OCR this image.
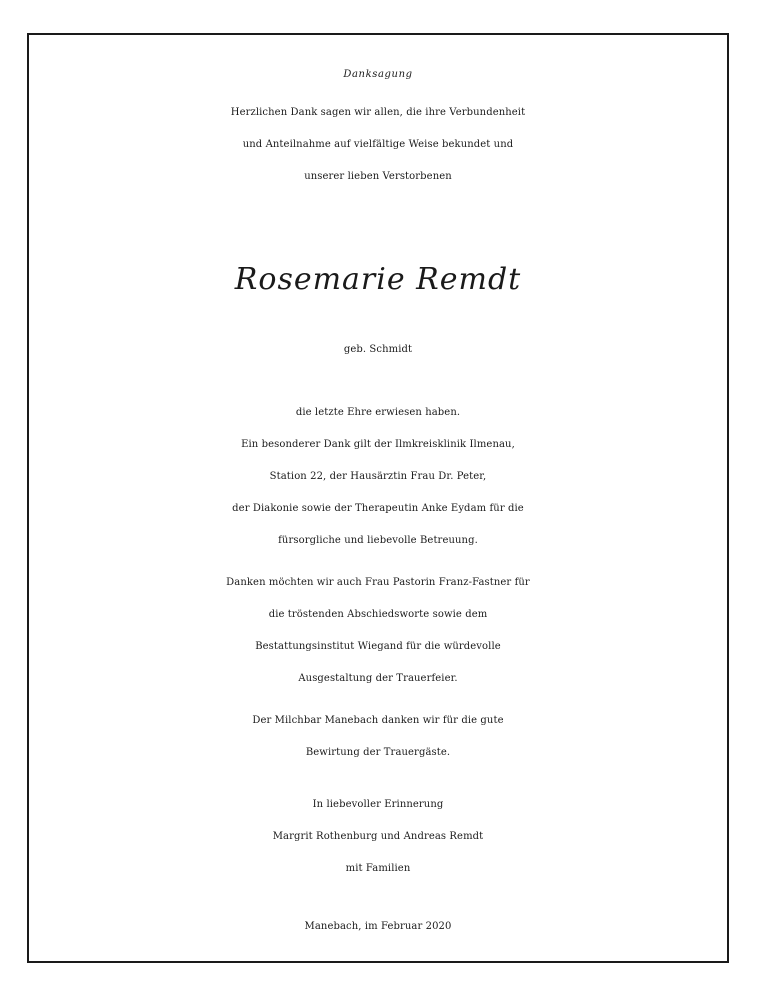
Danksagung
Herzlichen Dank sagen wir allen, die ihre Verbundenheit
und Anteilnahme auf vielfältige Weise bekundet und
unserer lieben Verstorbenen
Rosemarie Remdt
geb. Schmidt
die letzte Ehre erwiesen haben.
Ein besonderer Dank gilt der Ilmkreisklinik Ilmenau,
Station 22, der Hausärztin Frau Dr. Peter,
der Diakonie sowie der Therapeutin Anke Eydam für die
fürsorgliche und liebevolle Betreuung.
Danken möchten wir auch Frau Pastorin Franz-Fastner für
die tröstenden Abschiedsworte sowie dem
Bestattungsinstitut Wiegand für die würdevolle
Ausgestaltung der Trauerfeier.
Der Milchbar Manebach danken wir für die gute
Bewirtung der Trauergäste.
In liebevoller Erinnerung
Margrit Rothenburg und Andreas Remdt
mit Familien
Manebach, im Februar 2020
